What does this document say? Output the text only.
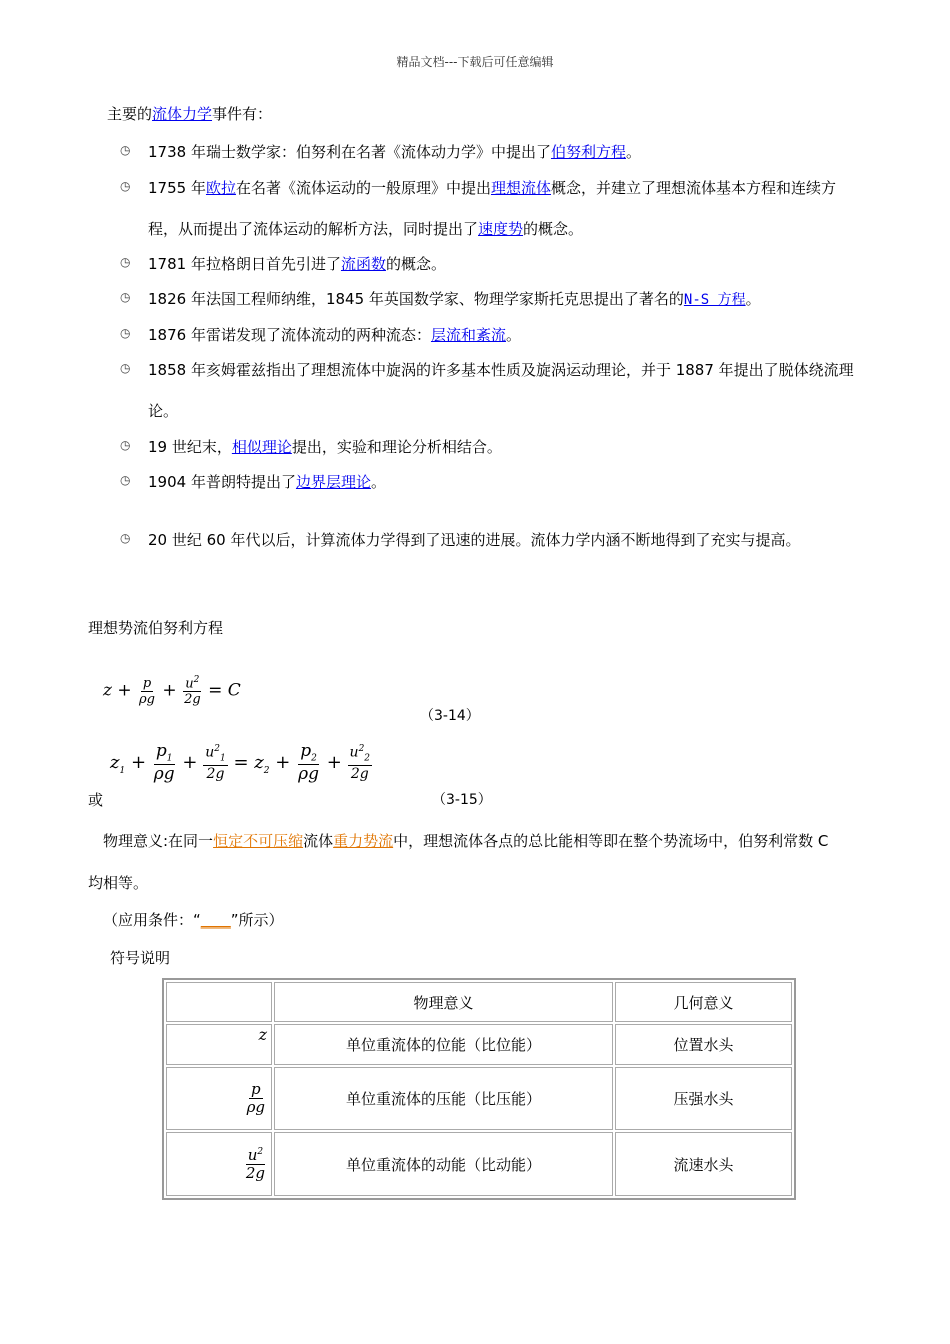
精品文档---下载后可任意编辑
主要的流体力学事件有：
◷ 1738 年瑞士数学家：伯努利在名著《流体动力学》中提出了伯努利方程。
◷ 1755 年欧拉在名著《流体运动的一般原理》中提出理想流体概念，并建立了理想流体基本方程和连续方
程，从而提出了流体运动的解析方法，同时提出了速度势的概念。
◷ 1781 年拉格朗日首先引进了流函数的概念。
◷ 1826 年法国工程师纳维，1845 年英国数学家、物理学家斯托克思提出了著名的N-S 方程。
◷ 1876 年雷诺发现了流体流动的两种流态：层流和紊流。
◷ 1858 年亥姆霍兹指出了理想流体中旋涡的许多基本性质及旋涡运动理论，并于 1887 年提出了脱体绕流理
论。
◷ 19 世纪末，相似理论提出，实验和理论分析相结合。
◷ 1904 年普朗特提出了边界层理论。
◷ 20 世纪 60 年代以后，计算流体力学得到了迅速的进展。流体力学内涵不断地得到了充实与提高。
理想势流伯努利方程
$z + \frac{p}{\rho g} + \frac{u^2}{2g} = C$
（3-14）
$z_1 + \frac{p_1}{\rho g} + \frac{u^2_1}{2g} = z_2 + \frac{p_2}{\rho g} + \frac{u^2_2}{2g}$
或	（3-15）
物理意义:在同一恒定不可压缩流体重力势流中，理想流体各点的总比能相等即在整个势流场中，伯努利常数 C
均相等。
（应用条件：“____”所示）
符号说明
	物理意义	几何意义
z	单位重流体的位能（比位能）	位置水头

$\frac{p}{\rho g}$	单位重流体的压能（比压能）	压强水头

$\frac{u^2}{2g}$	单位重流体的动能（比动能）	流速水头
